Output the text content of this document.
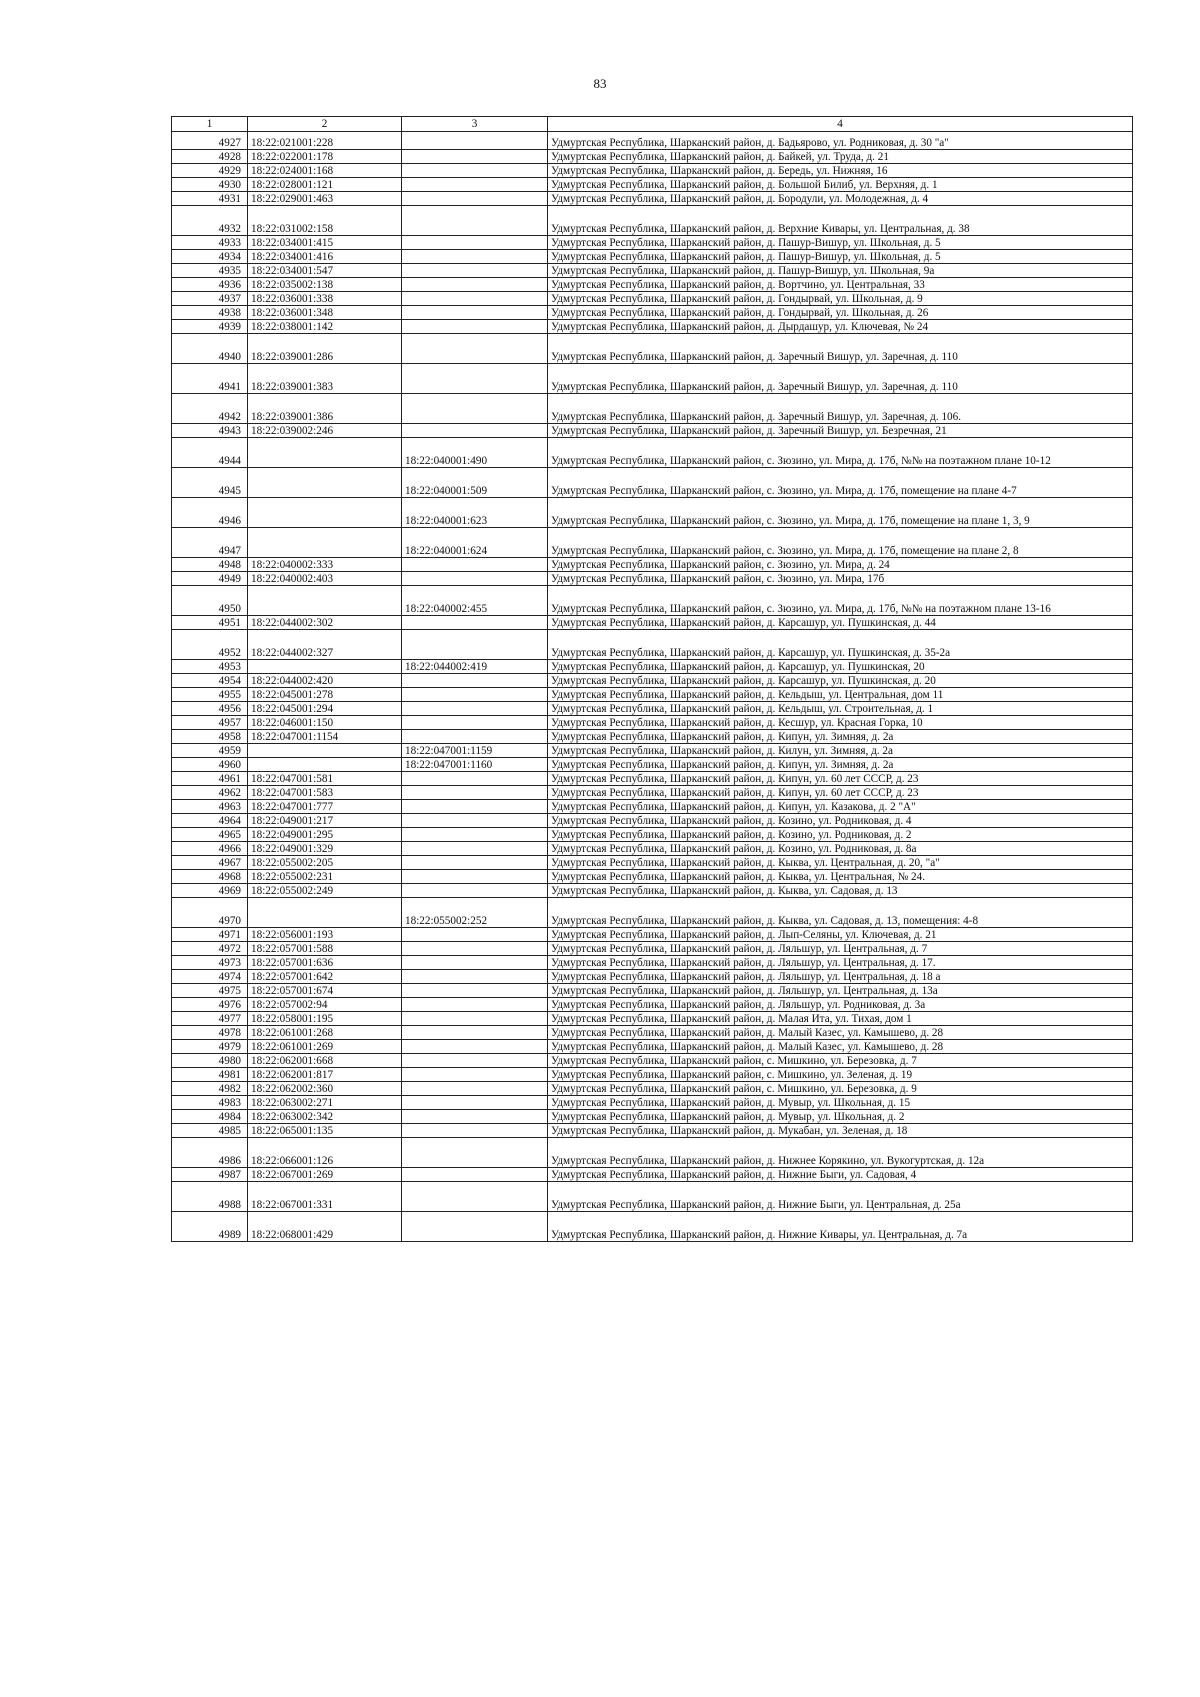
83
1	2	3	4
4927	18:22:021001:228		Удмуртская Республика, Шарканский район, д. Бадьярово, ул. Родниковая, д. 30 "а"
4928	18:22:022001:178		Удмуртская Республика, Шарканский район, д. Байкей, ул. Труда, д. 21
4929	18:22:024001:168		Удмуртская Республика, Шарканский район, д. Бередь, ул. Нижняя, 16
4930	18:22:028001:121		Удмуртская Республика, Шарканский район, д. Большой Билиб, ул. Верхняя, д. 1
4931	18:22:029001:463		Удмуртская Республика, Шарканский район, д. Бородули, ул. Молодежная, д. 4
4932	18:22:031002:158		Удмуртская Республика, Шарканский район, д. Верхние Кивары, ул. Центральная, д. 38
4933	18:22:034001:415		Удмуртская Республика, Шарканский район, д. Пашур-Вишур, ул. Школьная, д. 5
4934	18:22:034001:416		Удмуртская Республика, Шарканский район, д. Пашур-Вишур, ул. Школьная, д. 5
4935	18:22:034001:547		Удмуртская Республика, Шарканский район, д. Пашур-Вишур, ул. Школьная, 9а
4936	18:22:035002:138		Удмуртская Республика, Шарканский район, д. Вортчино, ул. Центральная, 33
4937	18:22:036001:338		Удмуртская Республика, Шарканский район, д. Гондырвай, ул. Школьная, д. 9
4938	18:22:036001:348		Удмуртская Республика, Шарканский район, д. Гондырвай, ул. Школьная, д. 26
4939	18:22:038001:142		Удмуртская Республика, Шарканский район, д. Дырдашур, ул. Ключевая, № 24
4940	18:22:039001:286		Удмуртская Республика, Шарканский район, д. Заречный Вишур, ул. Заречная, д. 110
4941	18:22:039001:383		Удмуртская Республика, Шарканский район, д. Заречный Вишур, ул. Заречная, д. 110
4942	18:22:039001:386		Удмуртская Республика, Шарканский район, д. Заречный Вишур, ул. Заречная, д. 106.
4943	18:22:039002:246		Удмуртская Республика, Шарканский район, д. Заречный Вишур, ул. Безречная, 21
4944		18:22:040001:490	Удмуртская Республика, Шарканский район, с. Зюзино, ул. Мира, д. 17б, №№ на поэтажном плане 10-12
4945		18:22:040001:509	Удмуртская Республика, Шарканский район, с. Зюзино, ул. Мира, д. 17б, помещение на плане 4-7
4946		18:22:040001:623	Удмуртская Республика, Шарканский район, с. Зюзино, ул. Мира, д. 17б, помещение на плане 1, 3, 9
4947		18:22:040001:624	Удмуртская Республика, Шарканский район, с. Зюзино, ул. Мира, д. 17б, помещение на плане 2, 8
4948	18:22:040002:333		Удмуртская Республика, Шарканский район, с. Зюзино, ул. Мира, д. 24
4949	18:22:040002:403		Удмуртская Республика, Шарканский район, с. Зюзино, ул. Мира, 17б
4950		18:22:040002:455	Удмуртская Республика, Шарканский район, с. Зюзино, ул. Мира, д. 17б, №№ на поэтажном плане 13-16
4951	18:22:044002:302		Удмуртская Республика, Шарканский район, д. Карсашур, ул. Пушкинская, д. 44
4952	18:22:044002:327		Удмуртская Республика, Шарканский район, д. Карсашур, ул. Пушкинская, д. 35-2а
4953		18:22:044002:419	Удмуртская Республика, Шарканский район, д. Карсашур, ул. Пушкинская, 20
4954	18:22:044002:420		Удмуртская Республика, Шарканский район, д. Карсашур, ул. Пушкинская, д. 20
4955	18:22:045001:278		Удмуртская Республика, Шарканский район, д. Кельдыш, ул. Центральная, дом 11
4956	18:22:045001:294		Удмуртская Республика, Шарканский район, д. Кельдыш, ул. Строительная, д. 1
4957	18:22:046001:150		Удмуртская Республика, Шарканский район, д. Кесшур, ул. Красная Горка, 10
4958	18:22:047001:1154		Удмуртская Республика, Шарканский район, д. Кипун, ул. Зимняя, д. 2а
4959		18:22:047001:1159	Удмуртская Республика, Шарканский район, д. Килун, ул. Зимняя, д. 2а
4960		18:22:047001:1160	Удмуртская Республика, Шарканский район, д. Кипун, ул. Зимняя, д. 2а
4961	18:22:047001:581		Удмуртская Республика, Шарканский район, д. Кипун, ул. 60 лет СССР, д. 23
4962	18:22:047001:583		Удмуртская Республика, Шарканский район, д. Кипун, ул. 60 лет СССР, д. 23
4963	18:22:047001:777		Удмуртская Республика, Шарканский район, д. Кипун, ул. Казакова, д. 2 "А"
4964	18:22:049001:217		Удмуртская Республика, Шарканский район, д. Козино, ул. Родниковая, д. 4
4965	18:22:049001:295		Удмуртская Республика, Шарканский район, д. Козино, ул. Родниковая, д. 2
4966	18:22:049001:329		Удмуртская Республика, Шарканский район, д. Козино, ул. Родниковая, д. 8а
4967	18:22:055002:205		Удмуртская Республика, Шарканский район, д. Кыква, ул. Центральная, д. 20, "а"
4968	18:22:055002:231		Удмуртская Республика, Шарканский район, д. Кыква, ул. Центральная, № 24.
4969	18:22:055002:249		Удмуртская Республика, Шарканский район, д. Кыква, ул. Садовая, д. 13
4970		18:22:055002:252	Удмуртская Республика, Шарканский район, д. Кыква, ул. Садовая, д. 13, помещения: 4-8
4971	18:22:056001:193		Удмуртская Республика, Шарканский район, д. Лып-Селяны, ул. Ключевая, д. 21
4972	18:22:057001:588		Удмуртская Республика, Шарканский район, д. Ляльшур, ул. Центральная, д. 7
4973	18:22:057001:636		Удмуртская Республика, Шарканский район, д. Ляльшур, ул. Центральная, д. 17.
4974	18:22:057001:642		Удмуртская Республика, Шарканский район, д. Ляльшур, ул. Центральная, д. 18 а
4975	18:22:057001:674		Удмуртская Республика, Шарканский район, д. Ляльшур, ул. Центральная, д. 13а
4976	18:22:057002:94		Удмуртская Республика, Шарканский район, д. Ляльшур, ул. Родниковая, д. 3а
4977	18:22:058001:195		Удмуртская Республика, Шарканский район, д. Малая Ита, ул. Тихая, дом 1
4978	18:22:061001:268		Удмуртская Республика, Шарканский район, д. Малый Казес, ул. Камышево, д. 28
4979	18:22:061001:269		Удмуртская Республика, Шарканский район, д. Малый Казес, ул. Камышево, д. 28
4980	18:22:062001:668		Удмуртская Республика, Шарканский район, с. Мишкино, ул. Березовка, д. 7
4981	18:22:062001:817		Удмуртская Республика, Шарканский район, с. Мишкино, ул. Зеленая, д. 19
4982	18:22:062002:360		Удмуртская Республика, Шарканский район, с. Мишкино, ул. Березовка, д. 9
4983	18:22:063002:271		Удмуртская Республика, Шарканский район, д. Мувыр, ул. Школьная, д. 15
4984	18:22:063002:342		Удмуртская Республика, Шарканский район, д. Мувыр, ул. Школьная, д. 2
4985	18:22:065001:135		Удмуртская Республика, Шарканский район, д. Мукабан, ул. Зеленая, д. 18
4986	18:22:066001:126		Удмуртская Республика, Шарканский район, д. Нижнее Корякино, ул. Вукогуртская, д. 12а
4987	18:22:067001:269		Удмуртская Республика, Шарканский район, д. Нижние Быги, ул. Садовая, 4
4988	18:22:067001:331		Удмуртская Республика, Шарканский район, д. Нижние Быги, ул. Центральная, д. 25а
4989	18:22:068001:429		Удмуртская Республика, Шарканский район, д. Нижние Кивары, ул. Центральная, д. 7а
